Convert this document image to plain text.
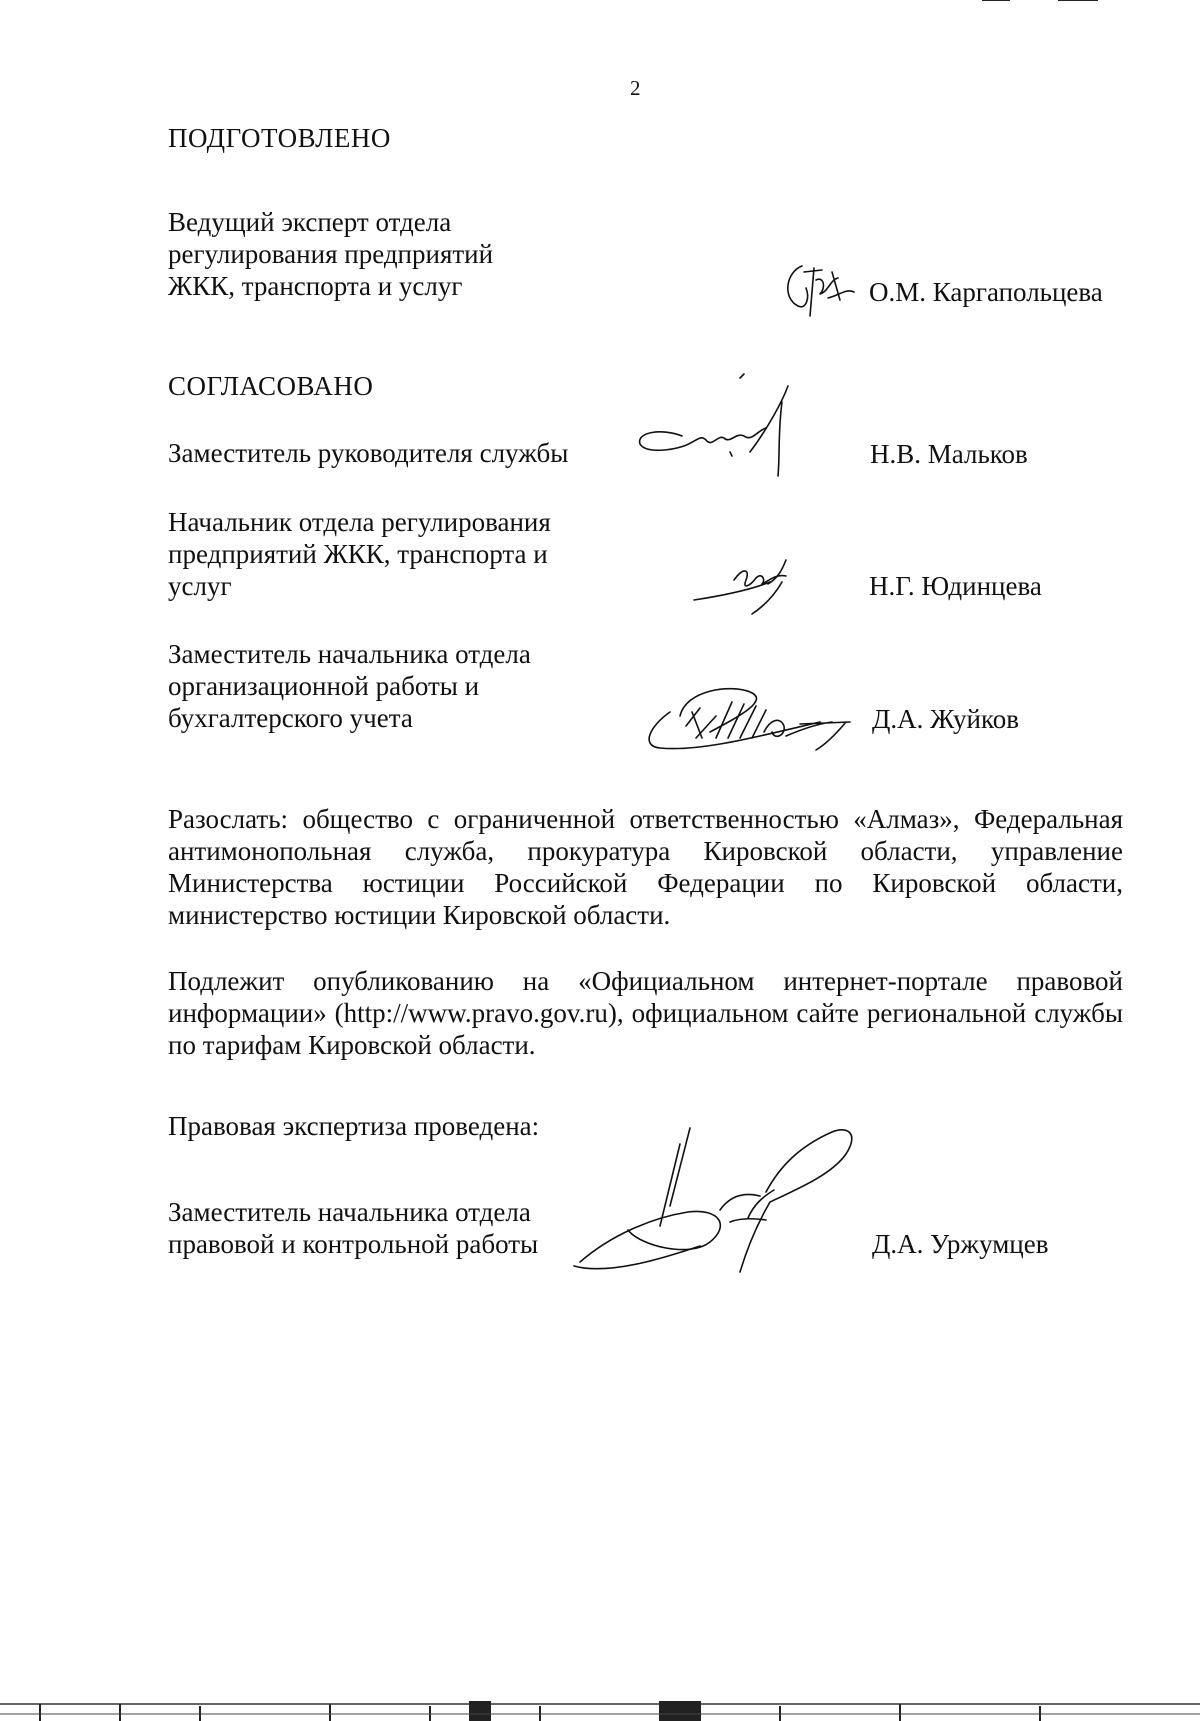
2
ПОДГОТОВЛЕНО
Ведущий эксперт отдела
регулирования предприятий
ЖКК, транспорта и услуг	О.М. Каргапольцева
СОГЛАСОВАНО
Заместитель руководителя службы	Н.В. Мальков
Начальник отдела регулирования
предприятий ЖКК, транспорта и
услуг	Н.Г. Юдинцева
Заместитель начальника отдела
организационной работы и
бухгалтерского учета	Д.А. Жуйков
Разослать: общество с ограниченной ответственностью «Алмаз», Федеральная антимонопольная служба, прокуратура Кировской области, управление Министерства юстиции Российской Федерации по Кировской области, министерство юстиции Кировской области.
Подлежит опубликованию на «Официальном интернет-портале правовой информации» (http://www.pravo.gov.ru), официальном сайте региональной службы по тарифам Кировской области.
Правовая экспертиза проведена:
Заместитель начальника отдела
правовой и контрольной работы	Д.А. Уржумцев
